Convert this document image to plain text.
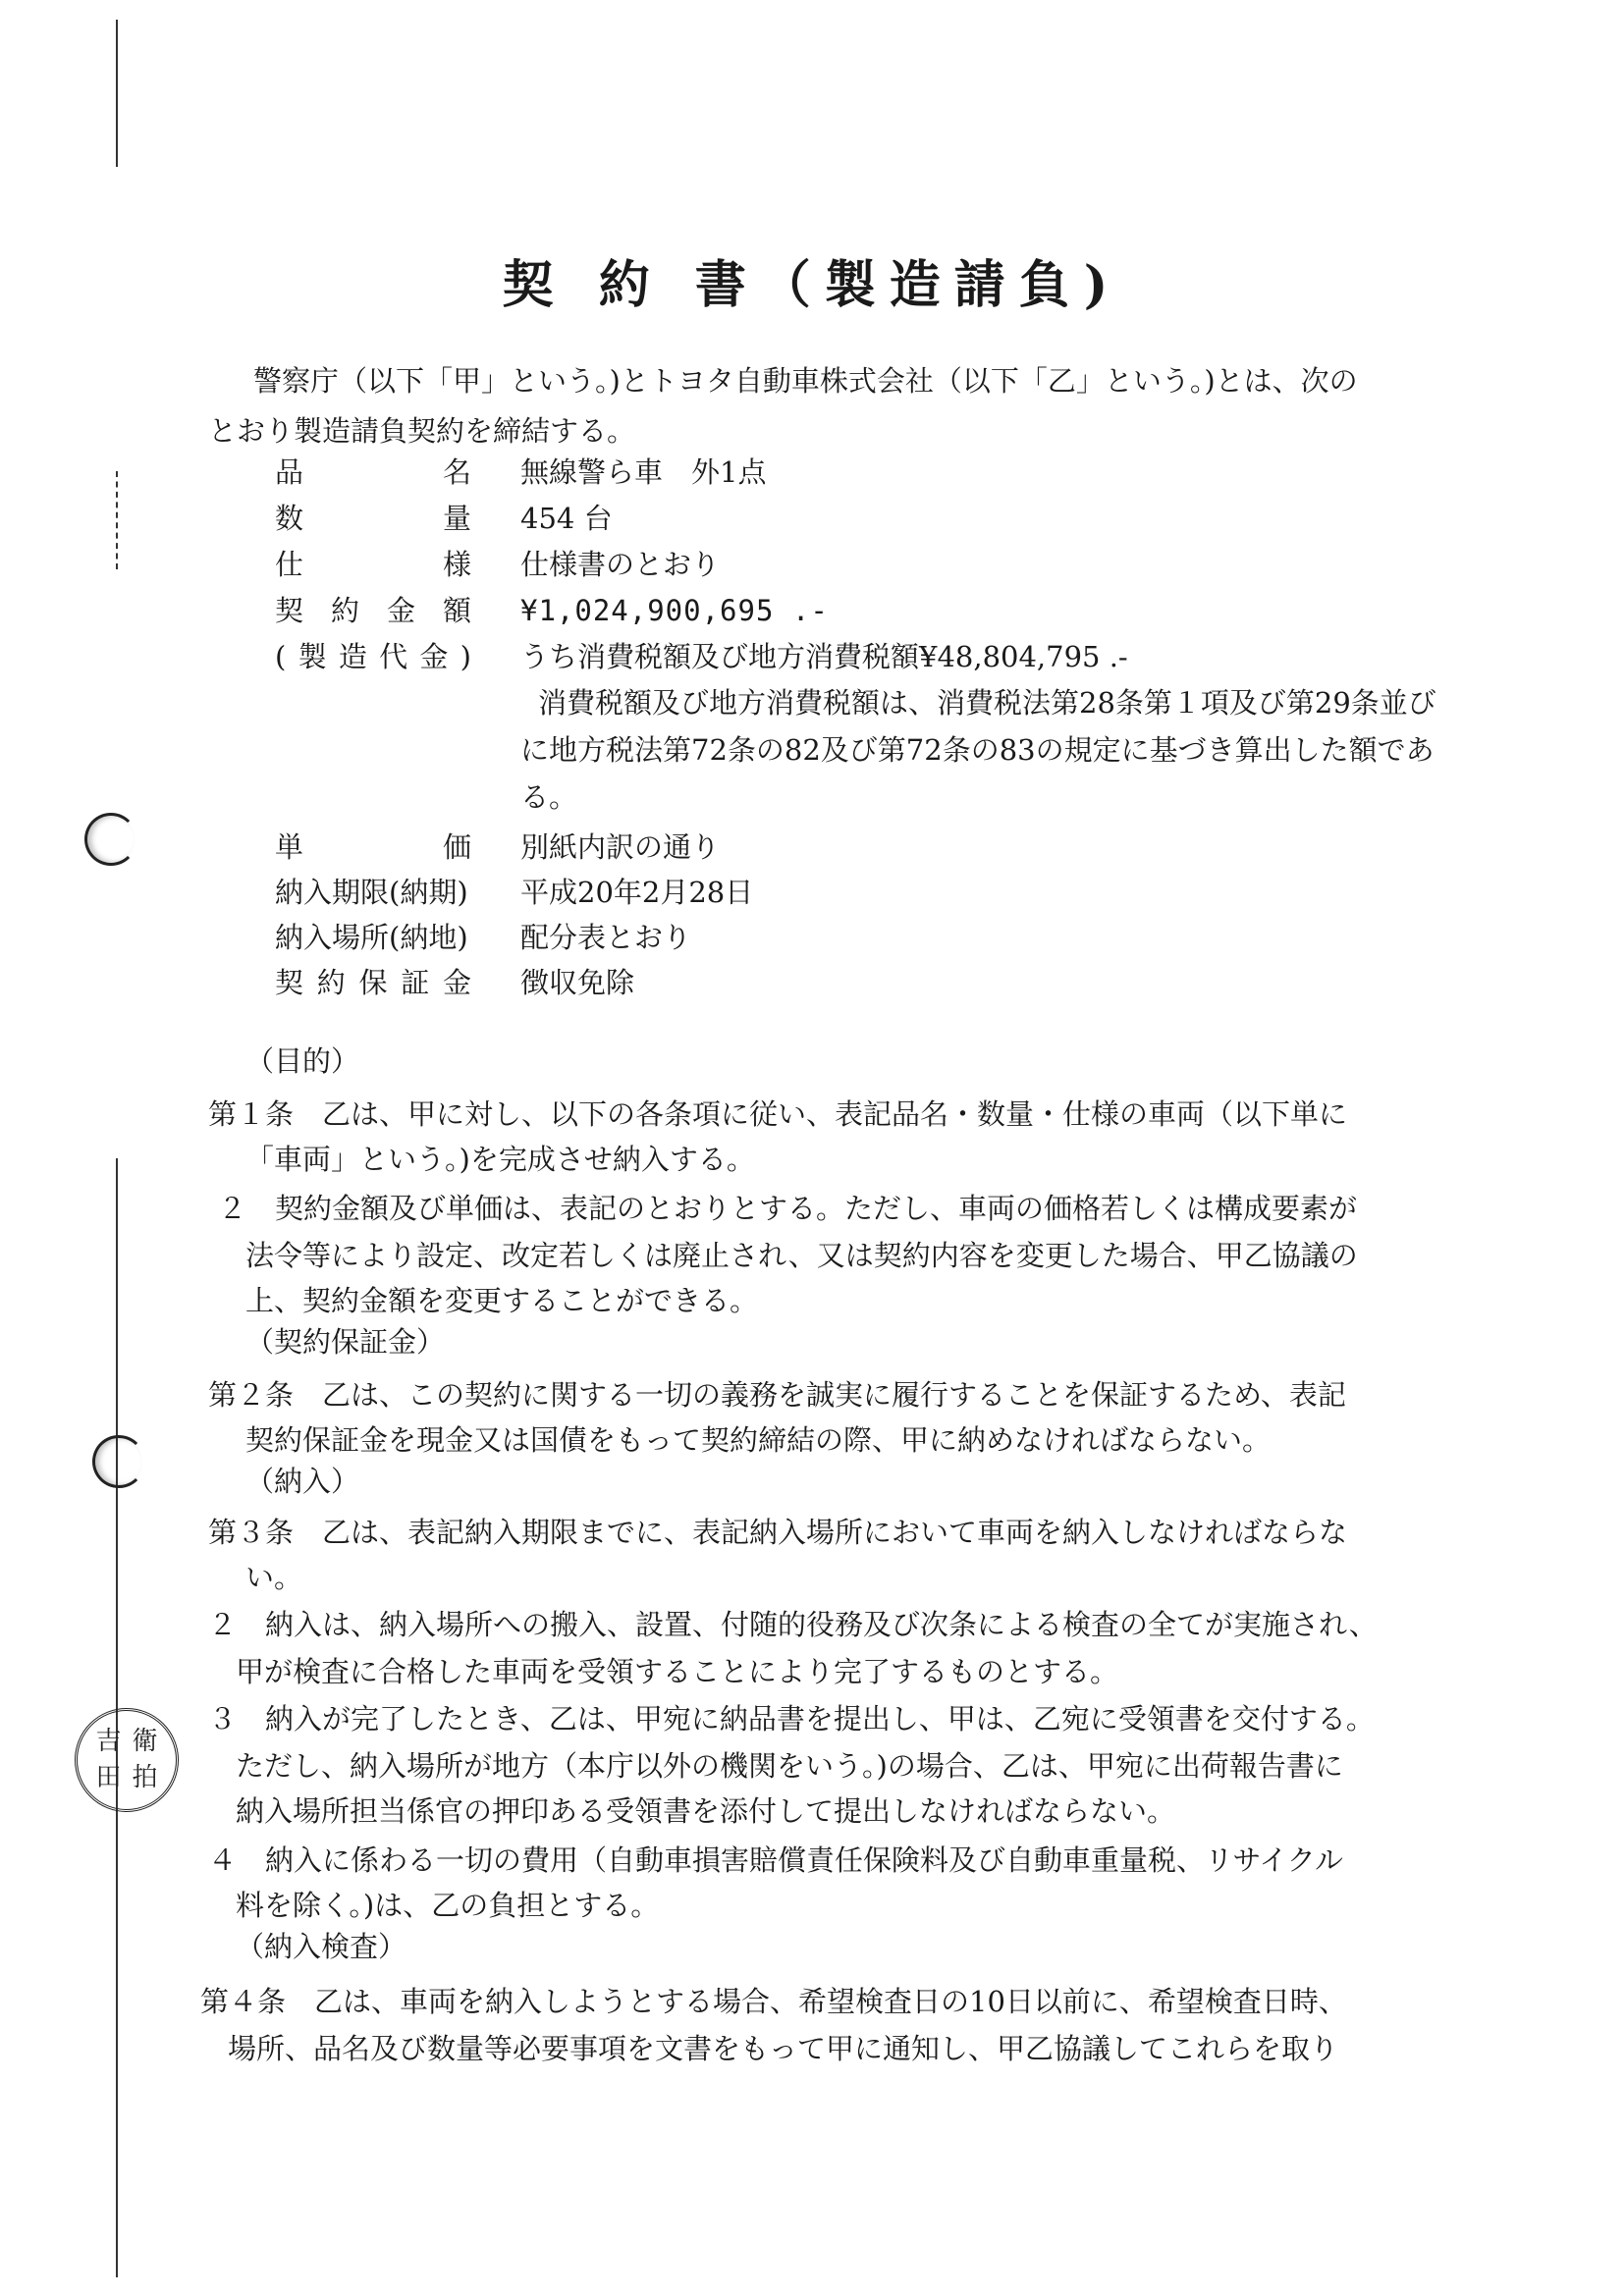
吉 衛
田 拍
契 約 書（製造請負)
警察庁（以下「甲」という。)とトヨタ自動車株式会社（以下「乙」という。)とは、次の
とおり製造請負契約を締結する。
品	名 無線警ら車　外1点
数	量 454 台
仕	様 仕様書のとおり
契 約 金 額 ¥1,024,900,695 .-
( 製 造 代 金 ) うち消費税額及び地方消費税額¥48,804,795 .-
消費税額及び地方消費税額は、消費税法第28条第１項及び第29条並び
に地方税法第72条の82及び第72条の83の規定に基づき算出した額であ
る。
単	価 別紙内訳の通り
納入期限(納期) 平成20年2月28日
納入場所(納地) 配分表とおり
契 約 保 証 金 徴収免除
（目的）
第１条　乙は、甲に対し、以下の各条項に従い、表記品名・数量・仕様の車両（以下単に
「車両」という。)を完成させ納入する。
２　契約金額及び単価は、表記のとおりとする。ただし、車両の価格若しくは構成要素が
法令等により設定、改定若しくは廃止され、又は契約内容を変更した場合、甲乙協議の
上、契約金額を変更することができる。
（契約保証金）
第２条　乙は、この契約に関する一切の義務を誠実に履行することを保証するため、表記
契約保証金を現金又は国債をもって契約締結の際、甲に納めなければならない。
（納入）
第３条　乙は、表記納入期限までに、表記納入場所において車両を納入しなければならな
い。
２　納入は、納入場所への搬入、設置、付随的役務及び次条による検査の全てが実施され、
甲が検査に合格した車両を受領することにより完了するものとする。
３　納入が完了したとき、乙は、甲宛に納品書を提出し、甲は、乙宛に受領書を交付する。
ただし、納入場所が地方（本庁以外の機関をいう。)の場合、乙は、甲宛に出荷報告書に
納入場所担当係官の押印ある受領書を添付して提出しなければならない。
４　納入に係わる一切の費用（自動車損害賠償責任保険料及び自動車重量税、リサイクル
料を除く。)は、乙の負担とする。
（納入検査）
第４条　乙は、車両を納入しようとする場合、希望検査日の10日以前に、希望検査日時、
場所、品名及び数量等必要事項を文書をもって甲に通知し、甲乙協議してこれらを取り
